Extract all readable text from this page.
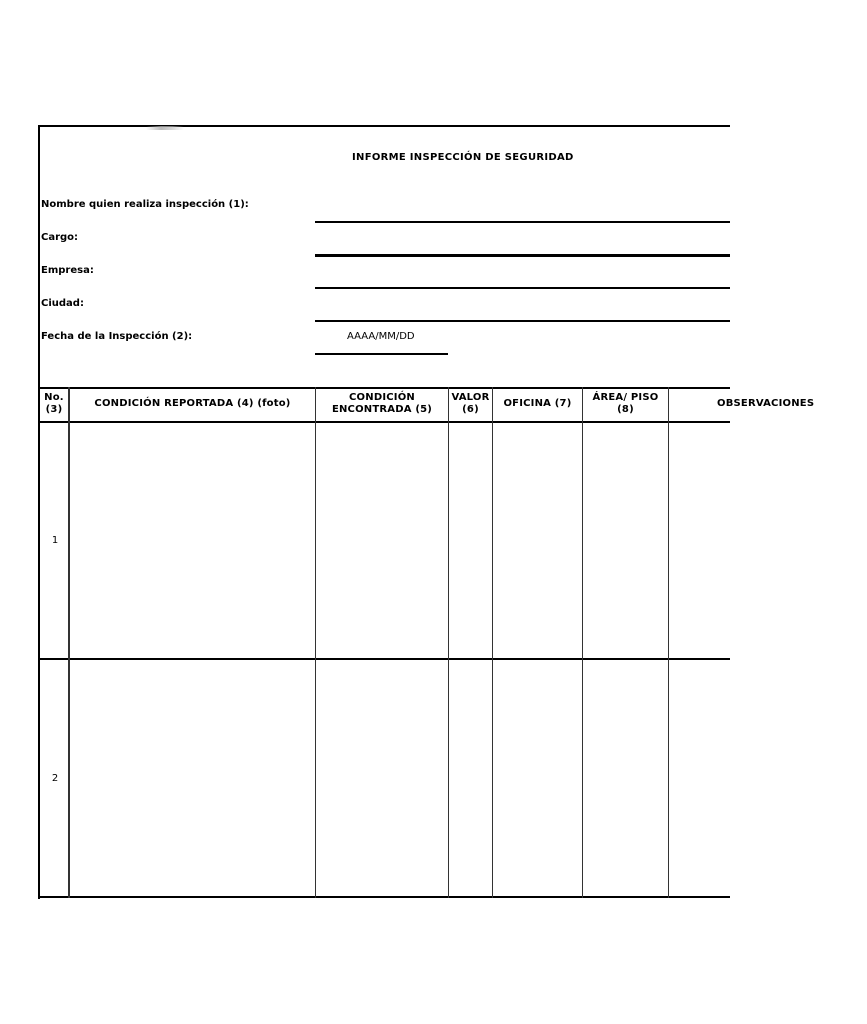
INFORME INSPECCIÓN DE SEGURIDAD
Nombre quien realiza inspección (1):
Cargo:
Empresa:
Ciudad:
Fecha de la Inspección (2):	AAAA/MM/DD
No.
(3)
CONDICIÓN REPORTADA (4) (foto)
CONDICIÓN
ENCONTRADA (5)
VALOR
(6)
OFICINA (7)
ÁREA/ PISO
(8)
OBSERVACIONES
1
2
